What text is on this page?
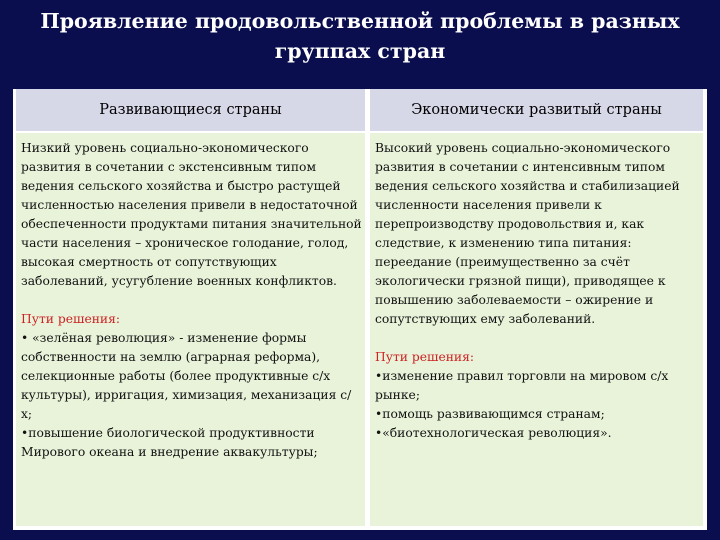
Проявление продовольственной проблемы в разных
группах стран
Развивающиеся страны	Экономически развитый страны

Низкий уровень социально-экономического развития в сочетании с экстенсивным типом ведения сельского хозяйства и быстро растущей численностью населения привели в недостаточной обеспеченности продуктами питания значительной части населения – хроническое голодание, голод, высокая смертность от сопутствующих заболеваний, усугубление военных конфликтов.

Пути решения:

• «зелёная революция» - изменение формы собственности на землю (аграрная реформа), селекционные работы (более продуктивные с/х культуры), ирригация, химизация, механизация с/х;

•повышение биологической продуктивности Мирового океана и внедрение аквакультуры;

Высокий уровень социально-экономического развития в сочетании с интенсивным типом ведения сельского хозяйства и стабилизацией численности населения привели к перепроизводству продовольствия и, как следствие, к изменению типа питания: переедание (преимущественно за счёт экологически грязной пищи), приводящее к повышению заболеваемости – ожирение и сопутствующих ему заболеваний.

Пути решения:

•изменение правил торговли на мировом с/х рынке;

•помощь развивающимся странам;

•«биотехнологическая революция».
